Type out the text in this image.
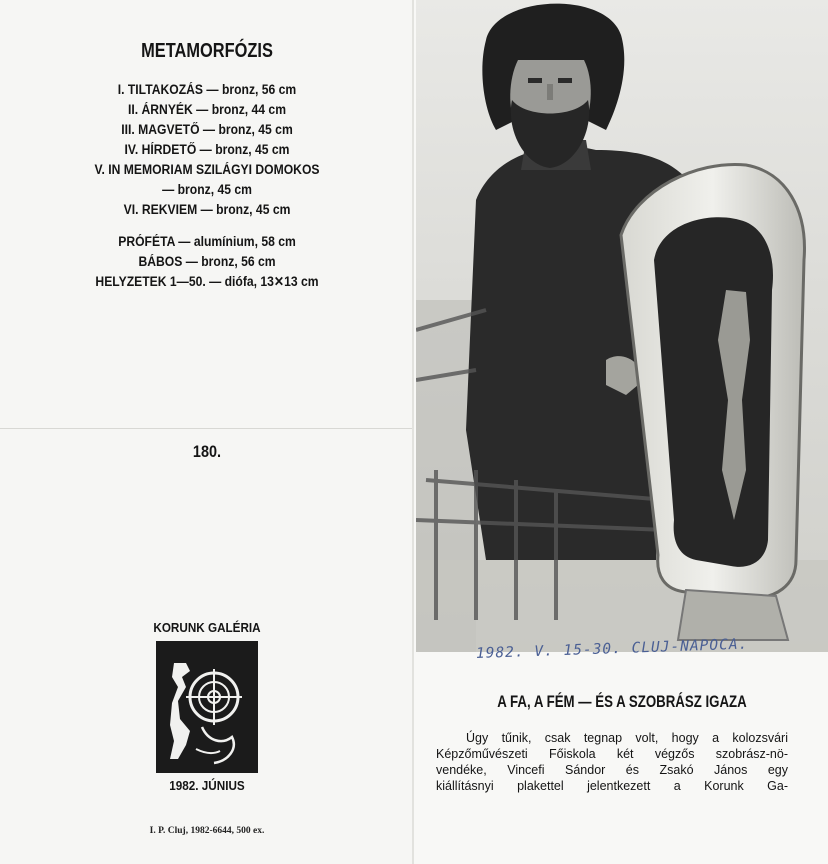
METAMORFÓZIS
I. TILTAKOZÁS — bronz, 56 cm
II. ÁRNYÉK — bronz, 44 cm
III. MAGVETŐ — bronz, 45 cm
IV. HÍRDETŐ — bronz, 45 cm
V. IN MEMORIAM SZILÁGYI DOMOKOS
— bronz, 45 cm
VI. REKVIEM — bronz, 45 cm
PRÓFÉTA — alumínium, 58 cm
BÁBOS — bronz, 56 cm
HELYZETEK 1—50. — diófa, 13✕13 cm
180.
KORUNK GALÉRIA
1982. JÚNIUS
I. P. Cluj, 1982-6644, 500 ex.
1982. V. 15-30. CLUJ-NAPOCA.
A FA, A FÉM — ÉS A SZOBRÁSZ IGAZA
Úgy tűnik, csak tegnap volt, hogy a kolozsvári
Képzőművészeti Főiskola két végzős szobrász-nö-
vendéke, Vincefi Sándor és Zsakó János egy
kiállításnyi plakettel jelentkezett a Korunk Ga-
